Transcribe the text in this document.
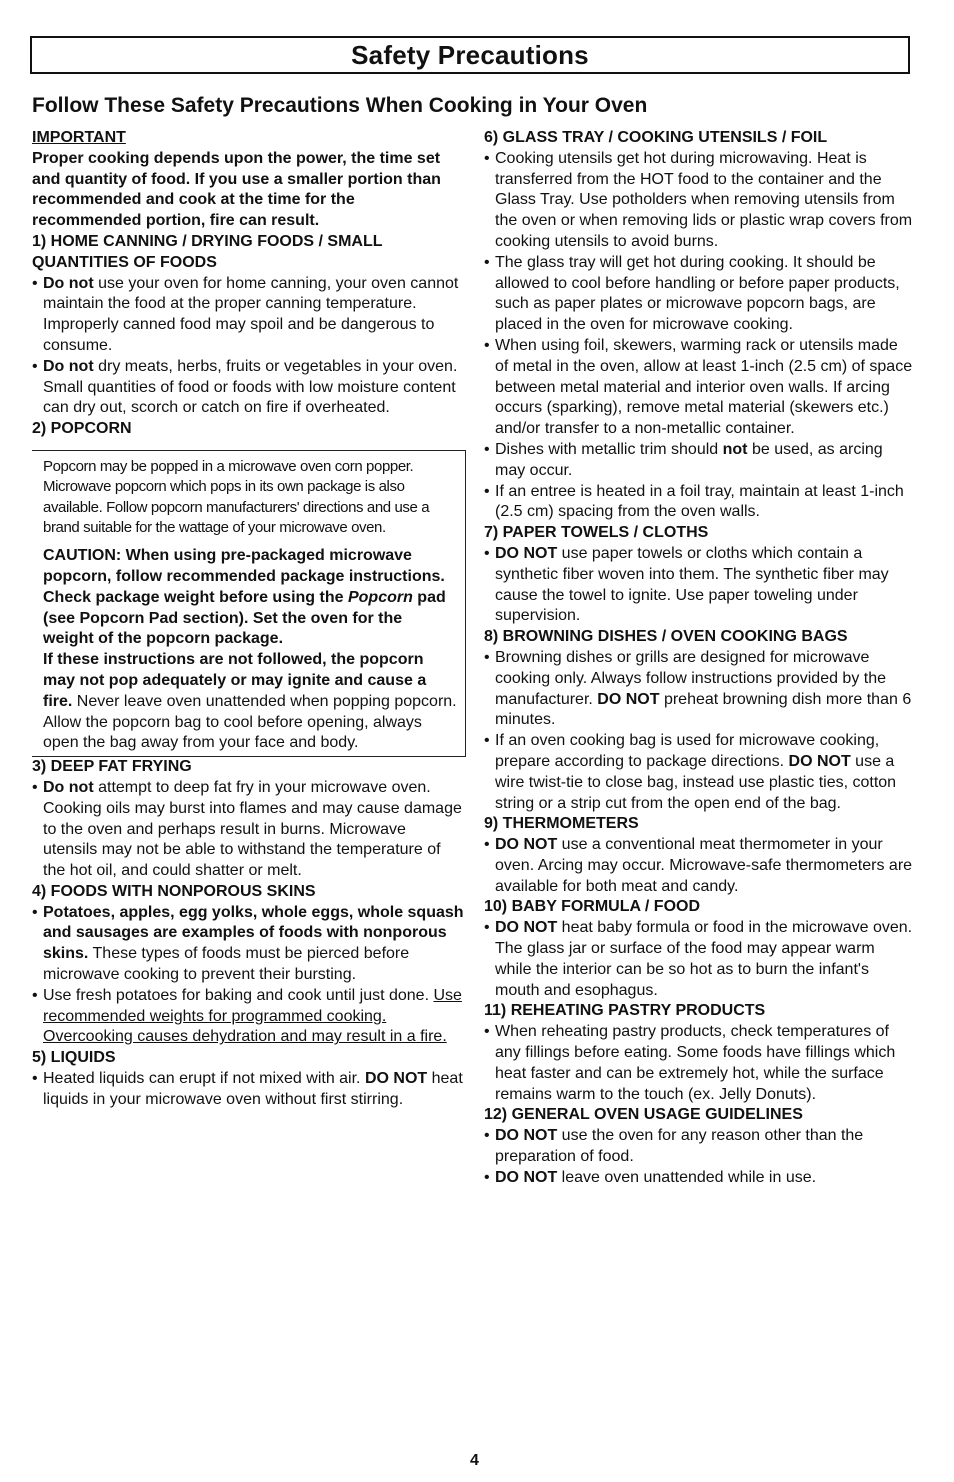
Safety Precautions
Follow These Safety Precautions When Cooking in Your Oven

IMPORTANT

Proper cooking depends upon the power, the time set and quantity of food. If you use a smaller portion than recommended and cook at the time for the recommended portion, fire can result.

1) HOME CANNING / DRYING FOODS / SMALL QUANTITIES OF FOODS

• Do not use your oven for home canning, your oven cannot maintain the food at the proper canning temperature. Improperly canned food may spoil and be dangerous to consume.
• Do not dry meats, herbs, fruits or vegetables in your oven. Small quantities of food or foods with low moisture content can dry out, scorch or catch on fire if overheated.

2) POPCORN

Popcorn may be popped in a microwave oven corn popper. Microwave popcorn which pops in its own package is also available. Follow popcorn manufacturers' directions and use a brand suitable for the wattage of your microwave oven.

CAUTION: When using pre-packaged microwave popcorn, follow recommended package instructions. Check package weight before using the Popcorn pad (see Popcorn Pad section). Set the oven for the weight of the popcorn package.

If these instructions are not followed, the popcorn may not pop adequately or may ignite and cause a fire. Never leave oven unattended when popping popcorn. Allow the popcorn bag to cool before opening, always open the bag away from your face and body.

3) DEEP FAT FRYING

• Do not attempt to deep fat fry in your microwave oven. Cooking oils may burst into flames and may cause damage to the oven and perhaps result in burns. Microwave utensils may not be able to withstand the temperature of the hot oil, and could shatter or melt.

4) FOODS WITH NONPOROUS SKINS

• Potatoes, apples, egg yolks, whole eggs, whole squash and sausages are examples of foods with nonporous skins. These types of foods must be pierced before microwave cooking to prevent their bursting.
• Use fresh potatoes for baking and cook until just done. Use recommended weights for programmed cooking. Overcooking causes dehydration and may result in a fire.

5) LIQUIDS

• Heated liquids can erupt if not mixed with air. DO NOT heat liquids in your microwave oven without first stirring.

6) GLASS TRAY / COOKING UTENSILS / FOIL

• Cooking utensils get hot during microwaving. Heat is transferred from the HOT food to the container and the Glass Tray. Use potholders when removing utensils from the oven or when removing lids or plastic wrap covers from cooking utensils to avoid burns.
• The glass tray will get hot during cooking. It should be allowed to cool before handling or before paper products, such as paper plates or microwave popcorn bags, are placed in the oven for microwave cooking.
• When using foil, skewers, warming rack or utensils made of metal in the oven, allow at least 1-inch (2.5 cm) of space between metal material and interior oven walls. If arcing occurs (sparking), remove metal material (skewers etc.) and/or transfer to a non-metallic container.
• Dishes with metallic trim should not be used, as arcing may occur.
• If an entree is heated in a foil tray, maintain at least 1-inch (2.5 cm) spacing from the oven walls.

7) PAPER TOWELS / CLOTHS

• DO NOT use paper towels or cloths which contain a synthetic fiber woven into them. The synthetic fiber may cause the towel to ignite. Use paper toweling under supervision.

8) BROWNING DISHES / OVEN COOKING BAGS

• Browning dishes or grills are designed for microwave cooking only. Always follow instructions provided by the manufacturer. DO NOT preheat browning dish more than 6 minutes.
• If an oven cooking bag is used for microwave cooking, prepare according to package directions. DO NOT use a wire twist-tie to close bag, instead use plastic ties, cotton string or a strip cut from the open end of the bag.

9) THERMOMETERS

• DO NOT use a conventional meat thermometer in your oven. Arcing may occur. Microwave-safe thermometers are available for both meat and candy.

10) BABY FORMULA / FOOD

• DO NOT heat baby formula or food in the microwave oven. The glass jar or surface of the food may appear warm while the interior can be so hot as to burn the infant's mouth and esophagus.

11) REHEATING PASTRY PRODUCTS

• When reheating pastry products, check temperatures of any fillings before eating. Some foods have fillings which heat faster and can be extremely hot, while the surface remains warm to the touch (ex. Jelly Donuts).

12) GENERAL OVEN USAGE GUIDELINES

• DO NOT use the oven for any reason other than the preparation of food.
• DO NOT leave oven unattended while in use.
4
